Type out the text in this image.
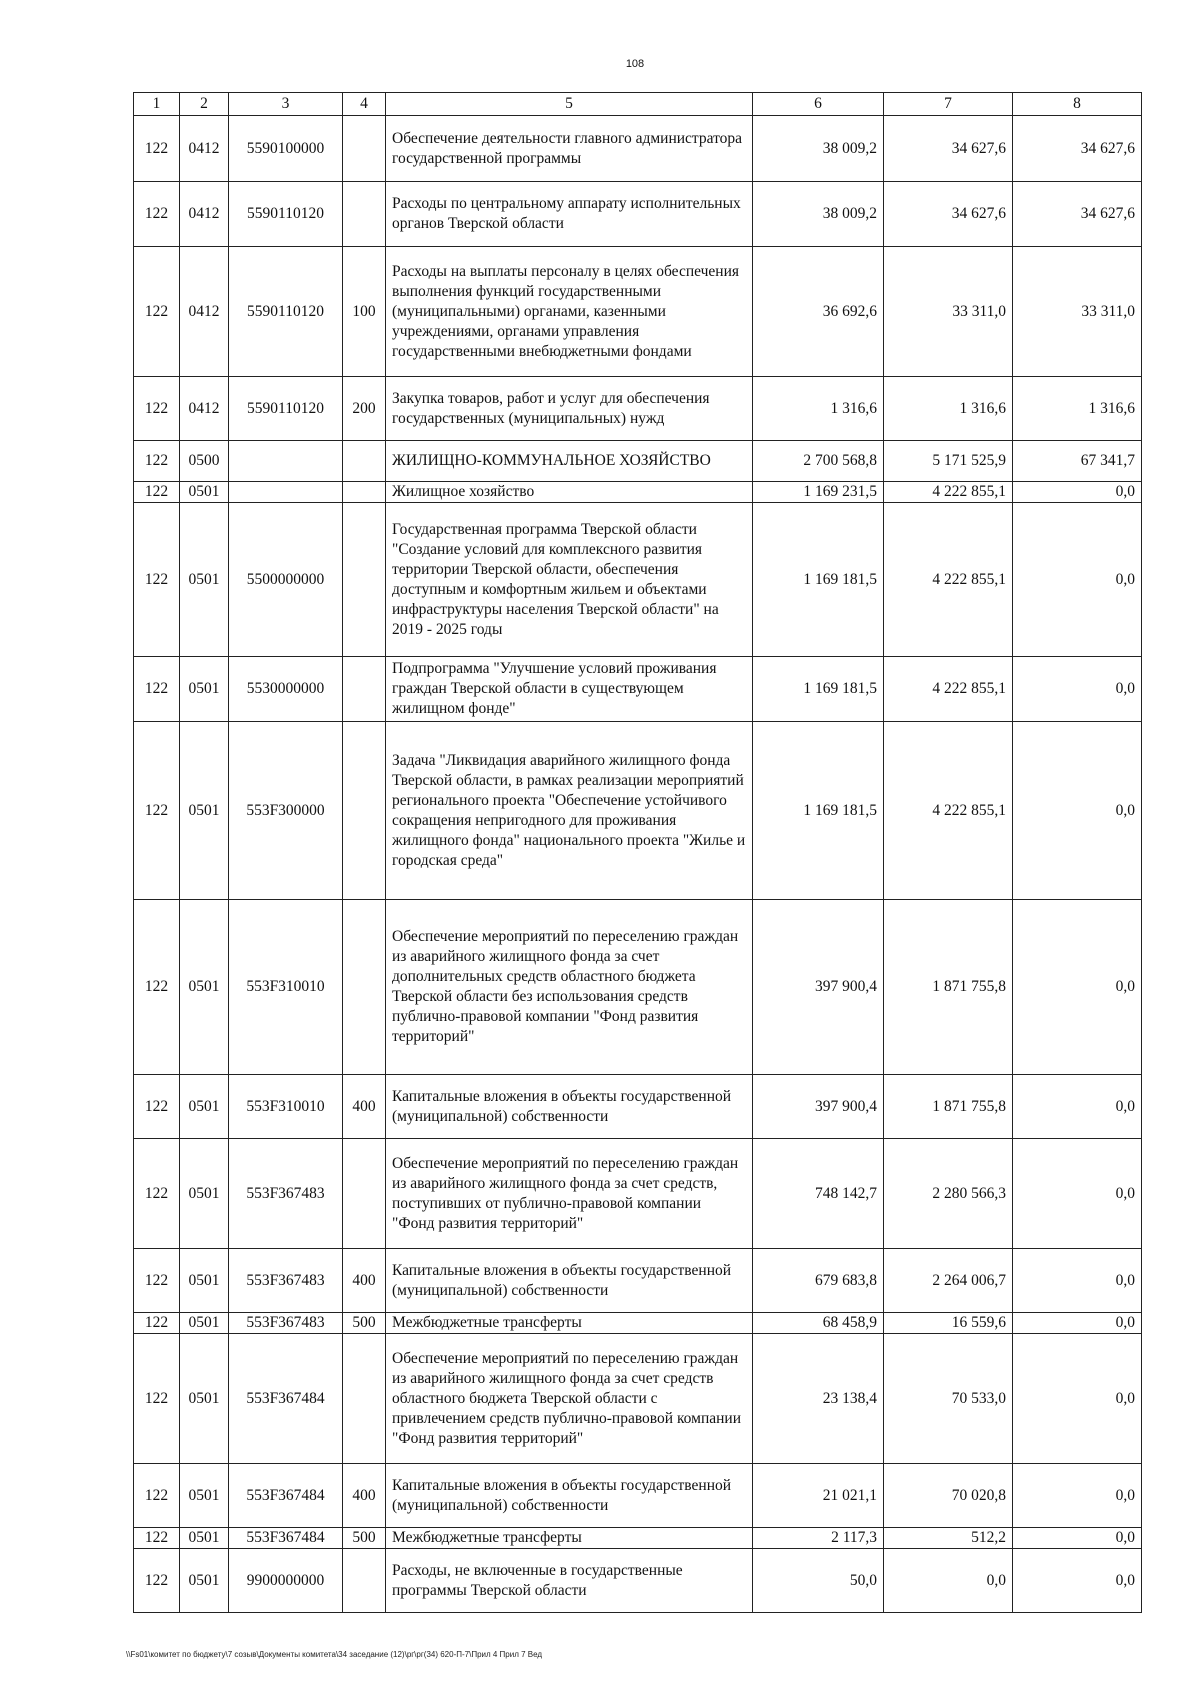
108
1	2	3	4	5	6	7	8
122	0412	5590100000		Обеспечение деятельности главного администратора государственной программы	38 009,2	34 627,6	34 627,6
122	0412	5590110120		Расходы по центральному аппарату исполнительных органов Тверской области	38 009,2	34 627,6	34 627,6
122	0412	5590110120	100	Расходы на выплаты персоналу в целях обеспечения выполнения функций государственными (муниципальными) органами, казенными учреждениями, органами управления государственными внебюджетными фондами	36 692,6	33 311,0	33 311,0
122	0412	5590110120	200	Закупка товаров, работ и услуг для обеспечения государственных (муниципальных) нужд	1 316,6	1 316,6	1 316,6
122	0500			ЖИЛИЩНО-КОММУНАЛЬНОЕ ХОЗЯЙСТВО	2 700 568,8	5 171 525,9	67 341,7
122	0501			Жилищное хозяйство	1 169 231,5	4 222 855,1	0,0
122	0501	5500000000		Государственная программа Тверской области "Создание условий для комплексного развития территории Тверской области, обеспечения доступным и комфортным жильем и объектами инфраструктуры населения Тверской области" на 2019 - 2025 годы	1 169 181,5	4 222 855,1	0,0
122	0501	5530000000		Подпрограмма "Улучшение условий проживания граждан Тверской области в существующем жилищном фонде"	1 169 181,5	4 222 855,1	0,0
122	0501	553F300000		Задача "Ликвидация аварийного жилищного фонда Тверской области, в рамках реализации мероприятий регионального проекта "Обеспечение устойчивого сокращения непригодного для проживания жилищного фонда" национального проекта "Жилье и городская среда"	1 169 181,5	4 222 855,1	0,0
122	0501	553F310010		Обеспечение мероприятий по переселению граждан из аварийного жилищного фонда за счет дополнительных средств областного бюджета Тверской области без использования средств публично-правовой компании "Фонд развития территорий"	397 900,4	1 871 755,8	0,0
122	0501	553F310010	400	Капитальные вложения в объекты государственной (муниципальной) собственности	397 900,4	1 871 755,8	0,0
122	0501	553F367483		Обеспечение мероприятий по переселению граждан из аварийного жилищного фонда за счет средств, поступивших от публично-правовой компании "Фонд развития территорий"	748 142,7	2 280 566,3	0,0
122	0501	553F367483	400	Капитальные вложения в объекты государственной (муниципальной) собственности	679 683,8	2 264 006,7	0,0
122	0501	553F367483	500	Межбюджетные трансферты	68 458,9	16 559,6	0,0
122	0501	553F367484		Обеспечение мероприятий по переселению граждан из аварийного жилищного фонда за счет средств областного бюджета Тверской области с привлечением средств публично-правовой компании "Фонд развития территорий"	23 138,4	70 533,0	0,0
122	0501	553F367484	400	Капитальные вложения в объекты государственной (муниципальной) собственности	21 021,1	70 020,8	0,0
122	0501	553F367484	500	Межбюджетные трансферты	2 117,3	512,2	0,0
122	0501	9900000000		Расходы, не включенные в государственные программы Тверской области	50,0	0,0	0,0
\\Fs01\комитет по бюджету\7 созыв\Документы комитета\34 заседание (12)\рг\рг(34) 620-П-7\Прил 4 Прил 7 Вед
